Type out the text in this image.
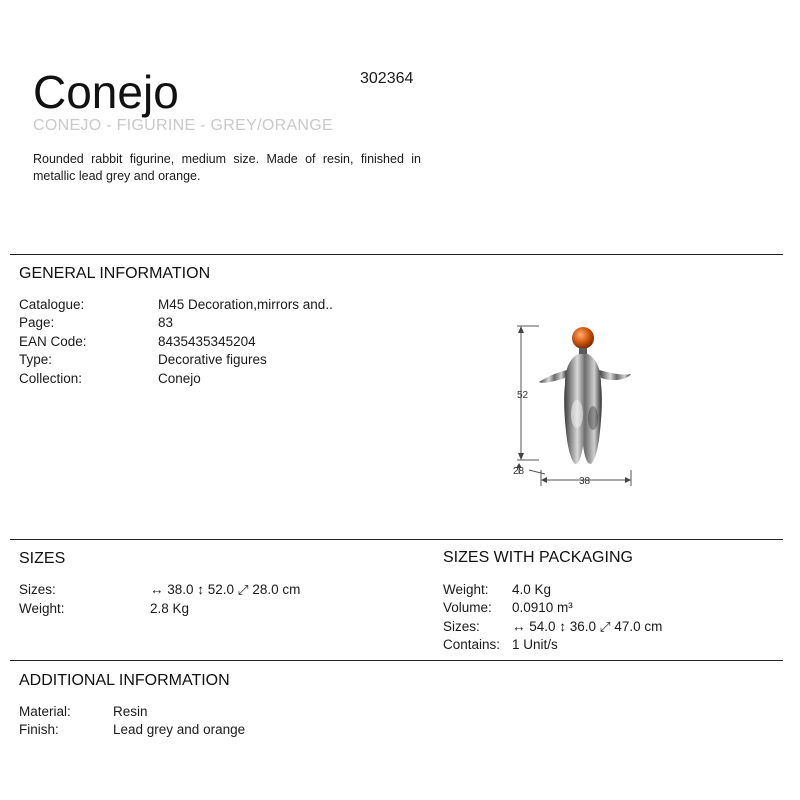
Conejo	302364
CONEJO - FIGURINE - GREY/ORANGE
Rounded rabbit figurine, medium size. Made of resin, finished in metallic lead grey and orange.
GENERAL INFORMATION
Catalogue:	M45 Decoration,mirrors and..
Page:	83
EAN Code:	8435435345204
Type:	Decorative figures
Collection:	Conejo
52
28
38
SIZES
Sizes:	↔ 38.0 ↕ 52.0 ⤢ 28.0 cm
Weight:	2.8 Kg
SIZES WITH PACKAGING
Weight: 4.0 Kg
Volume: 0.0910 m³
Sizes: ↔ 54.0 ↕ 36.0 ⤢ 47.0 cm
Contains: 1 Unit/s
ADDITIONAL INFORMATION
Material:	Resin
Finish:	Lead grey and orange
